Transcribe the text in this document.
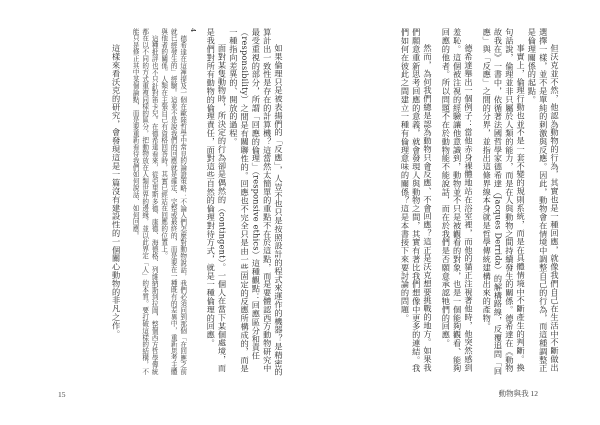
如果倫理只是被表揚們的「反應」，人豈不也只是按照設計的程式來運作的機器？是精密的算計出一致性是存在的計算機？這當然太簡單的重點不在於這點，而是要體認西方動物研究中最受重視的部分，所謂「回應的倫理」（responsive ethics）這種觀點：回應區分和責任（responsibility）之間是有關聯性的。回應也不完全只是由一些固定的反應所構成的，而是一種指向差異的、開放的過程。

面對某隻動物時，所決定的行為卻是偶然的（contingent）。一個人在當下某個處境，而是我們對所有動物的倫理責任，面對這些自然的倫理對待方式，就是一種倫理的回應。

4

德希達在這裡提及一個在歐陸哲學中常見的論證策略：不論人們怎麼對動物說話，我們必須回到那個「在回應之前就已經發生的」經驗。這並不是說我們的回應就是確定、完整或最終的，而是要在一種既有的差異中，重新思考主體與他者的關係。人類在主張自己有資格回答時，其實已經站在回應的位置上。

這種批評也不只針對笛卡兒。在德希達看來，從亞里斯多德、康德、海德格、列維納斯到拉岡，整個西方哲學傳統都在以不同的方式重複同樣的區分，把動物放在人類世界的邊緣，並以此界定「人」的本質。要打破這樣的結構，不能只是修正其中某個論點，而是要重新看待我們如何說話、如何回應。

這樣來看沃克的研究，會發現這是一篇沒有建設性的一個關心動物的非凡之作。	但沃克並不然，他認為動物的行為，其實也是一種回應，就像我們自己在生活中不斷做出選擇一樣，並不是單純的刺激與反應。因此，動物會在情境中調整自己的行為，而這種調整正是倫理關係的起點。

事實上，倫理行動也並不是一套不變的規則系統，而是在具體情境中不斷產生的判斷。換句話說，倫理並非只屬於人類的能力，而是在人與動物之間持續發生的關係。德希達在《動物故我在》一書中，依循著法國哲學家德希達（Jacques Derrida）的解構路線，反覆追問「回應」與「反應」之間的分界，並指出這條界線本身就是哲學傳統建構出來的產物。

德希達舉出一個例子：當他赤身裸體地站在浴室裡，而他的貓正注視著他時，他突然感到羞恥。這個被注視的經驗讓他意識到，動物並不只是被觀看的對象，也是一個能夠觀看、能夠回應的他者。所以問題不在於動物能不能說話，而在於我們是否願意承認牠們的回應。

然而，為何我們總是認為動物只會反應、不會回應？這正是沃克想要挑戰的地方。如果我們願意重新思考回應的意義，就會發現人與動物之間，其實有著比我們想像中更多的連結。我們如何在彼此之間建立一種有倫理意味的關係？這是本書接下來要討論的問題。

15	動物與我 12
